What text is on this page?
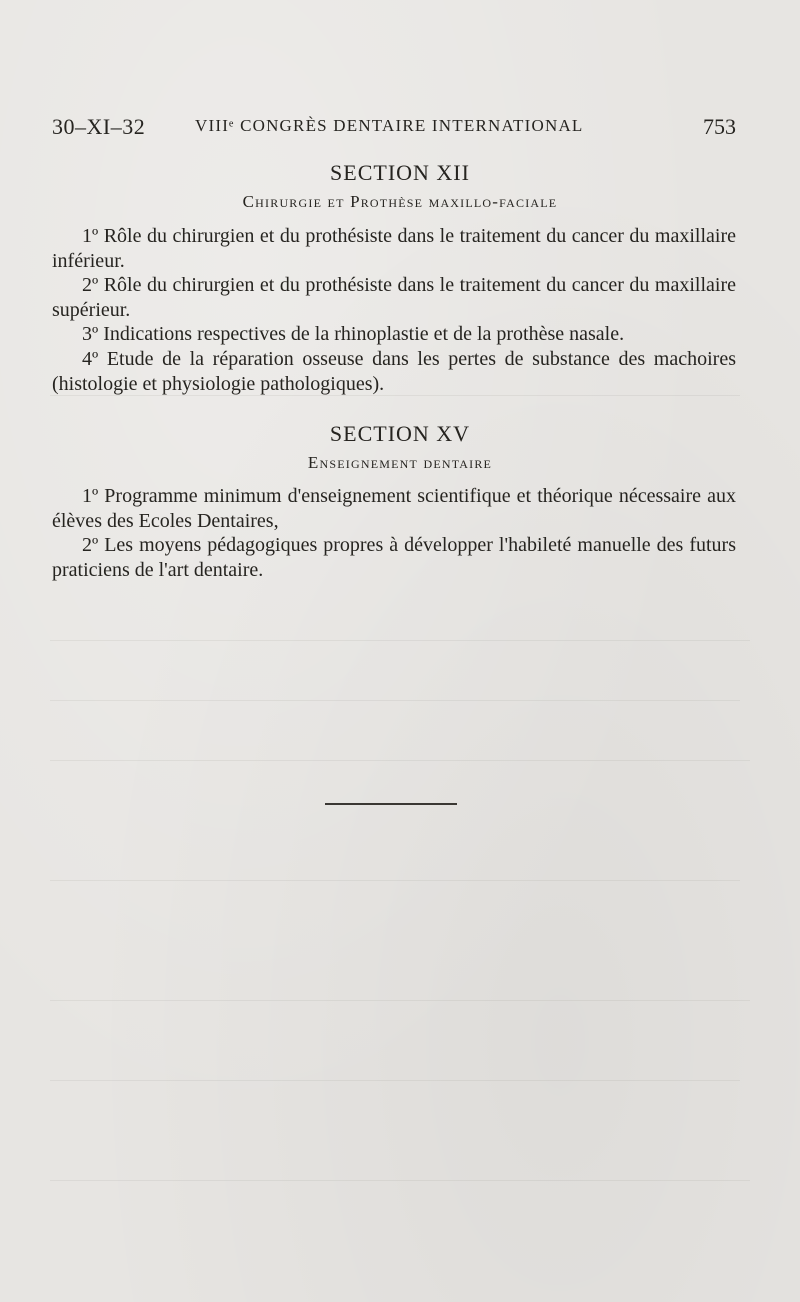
30–XI–32	VIIIᵉ CONGRÈS DENTAIRE INTERNATIONAL	753
SECTION XII
Chirurgie et Prothèse maxillo-faciale

1º Rôle du chirurgien et du prothésiste dans le traitement du cancer du maxillaire inférieur.

2º Rôle du chirurgien et du prothésiste dans le traitement du cancer du maxillaire supérieur.

3º Indications respectives de la rhinoplastie et de la prothèse nasale.

4º Etude de la réparation osseuse dans les pertes de substance des machoires (histologie et physiologie pathologiques).

SECTION XV
Enseignement dentaire

1º Programme minimum d'enseignement scientifique et théorique nécessaire aux élèves des Ecoles Dentaires,

2º Les moyens pédagogiques propres à développer l'habileté manuelle des futurs praticiens de l'art dentaire.
